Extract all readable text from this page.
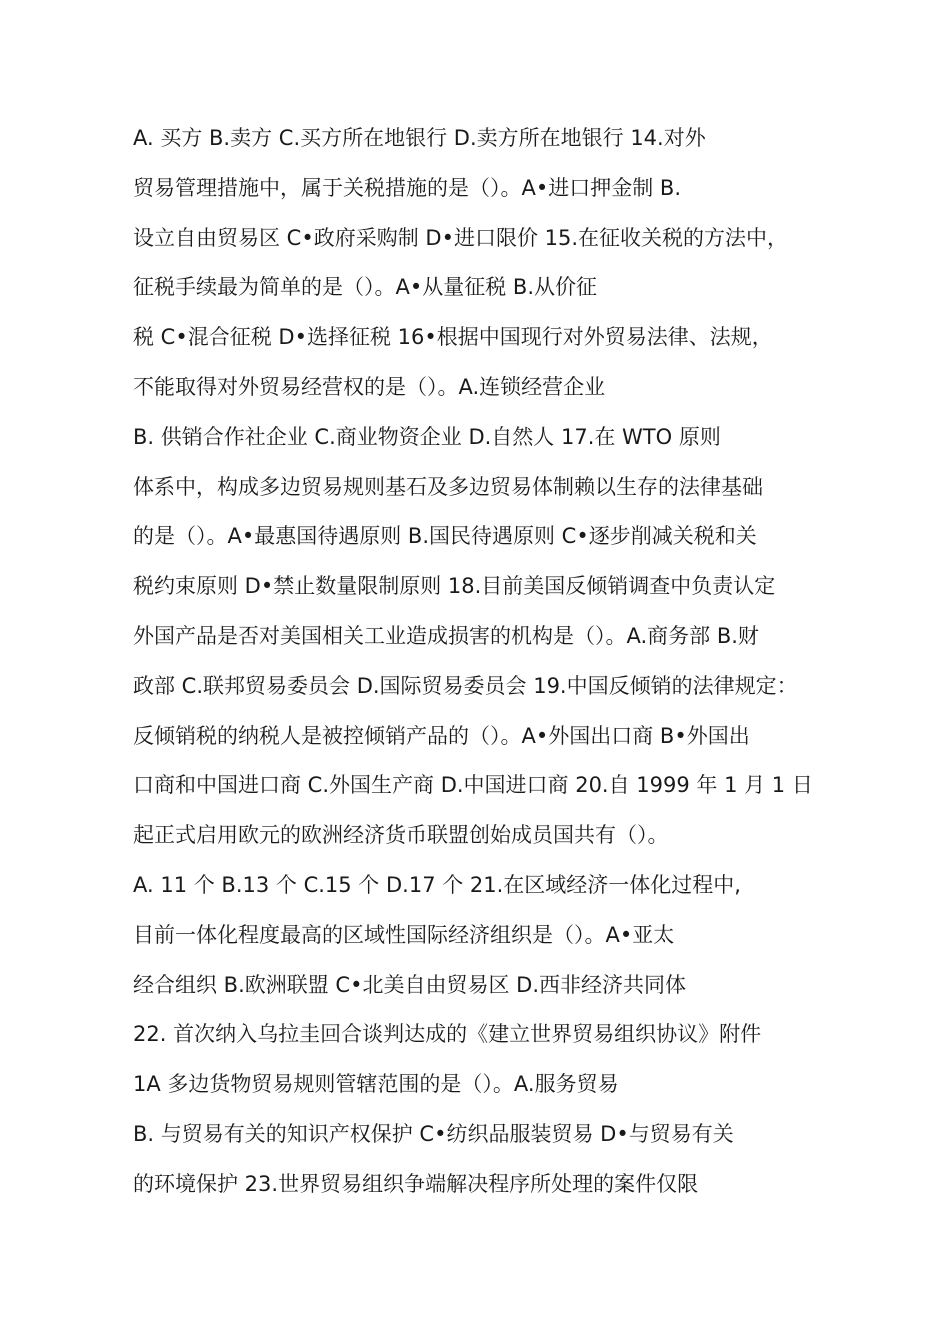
A. 买方 B.卖方 C.买方所在地银行 D.卖方所在地银行 14.对外
贸易管理措施中，属于关税措施的是（）。A•进口押金制 B.
设立自由贸易区 C•政府采购制 D•进口限价 15.在征收关税的方法中，
征税手续最为简单的是（）。A•从量征税 B.从价征
税 C•混合征税 D•选择征税 16•根据中国现行对外贸易法律、法规，
不能取得对外贸易经营权的是（）。A.连锁经营企业
B. 供销合作社企业 C.商业物资企业 D.自然人 17.在 WTO 原则
体系中，构成多边贸易规则基石及多边贸易体制赖以生存的法律基础
的是（）。A•最惠国待遇原则 B.国民待遇原则 C•逐步削减关税和关
税约束原则 D•禁止数量限制原则 18.目前美国反倾销调查中负责认定
外国产品是否对美国相关工业造成损害的机构是（）。A.商务部 B.财
政部 C.联邦贸易委员会 D.国际贸易委员会 19.中国反倾销的法律规定：
反倾销税的纳税人是被控倾销产品的（）。A•外国出口商 B•外国出
口商和中国进口商 C.外国生产商 D.中国进口商 20.自 1999 年 1 月 1 日
起正式启用欧元的欧洲经济货币联盟创始成员国共有（）。
A. 11 个 B.13 个 C.15 个 D.17 个 21.在区域经济一体化过程中,
目前一体化程度最高的区域性国际经济组织是（）。A•亚太
经合组织 B.欧洲联盟 C•北美自由贸易区 D.西非经济共同体
22. 首次纳入乌拉圭回合谈判达成的《建立世界贸易组织协议》附件
1A 多边货物贸易规则管辖范围的是（）。A.服务贸易
B. 与贸易有关的知识产权保护 C•纺织品服装贸易 D•与贸易有关
的环境保护 23.世界贸易组织争端解决程序所处理的案件仅限
